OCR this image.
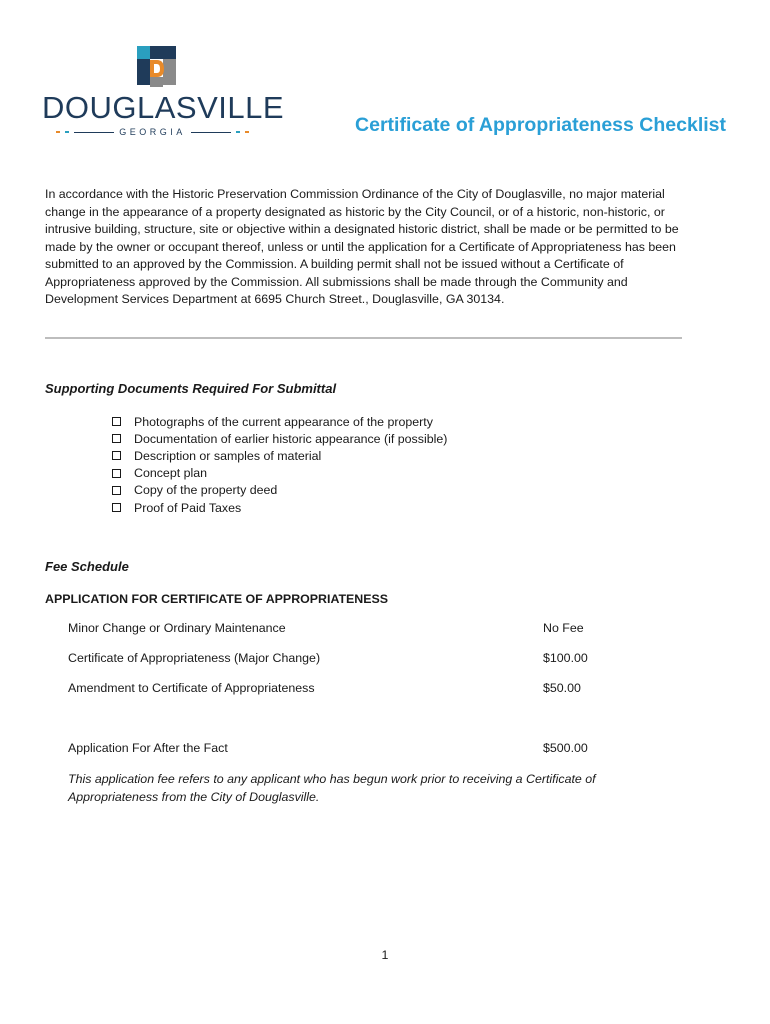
DOUGLASVILLE
GEORGIA	Certificate of Appropriateness Checklist

In accordance with the Historic Preservation Commission Ordinance of the City of Douglasville, no major material change in the appearance of a property designated as historic by the City Council, or of a historic, non-historic, or intrusive building, structure, site or objective within a designated historic district, shall be made or be permitted to be made by the owner or occupant thereof, unless or until the application for a Certificate of Appropriateness has been submitted to an approved by the Commission. A building permit shall not be issued without a Certificate of Appropriateness approved by the Commission. All submissions shall be made through the Community and Development Services Department at 6695 Church Street., Douglasville, GA 30134.

Supporting Documents Required For Submittal
Photographs of the current appearance of the property
Documentation of earlier historic appearance (if possible)
Description or samples of material
Concept plan
Copy of the property deed
Proof of Paid Taxes
Fee Schedule
APPLICATION FOR CERTIFICATE OF APPROPRIATENESS
Minor Change or Ordinary Maintenance	No Fee
Certificate of Appropriateness (Major Change)	$100.00
Amendment to Certificate of Appropriateness	$50.00
Application For After the Fact	$500.00

This application fee refers to any applicant who has begun work prior to receiving a Certificate of Appropriateness from the City of Douglasville.

1
